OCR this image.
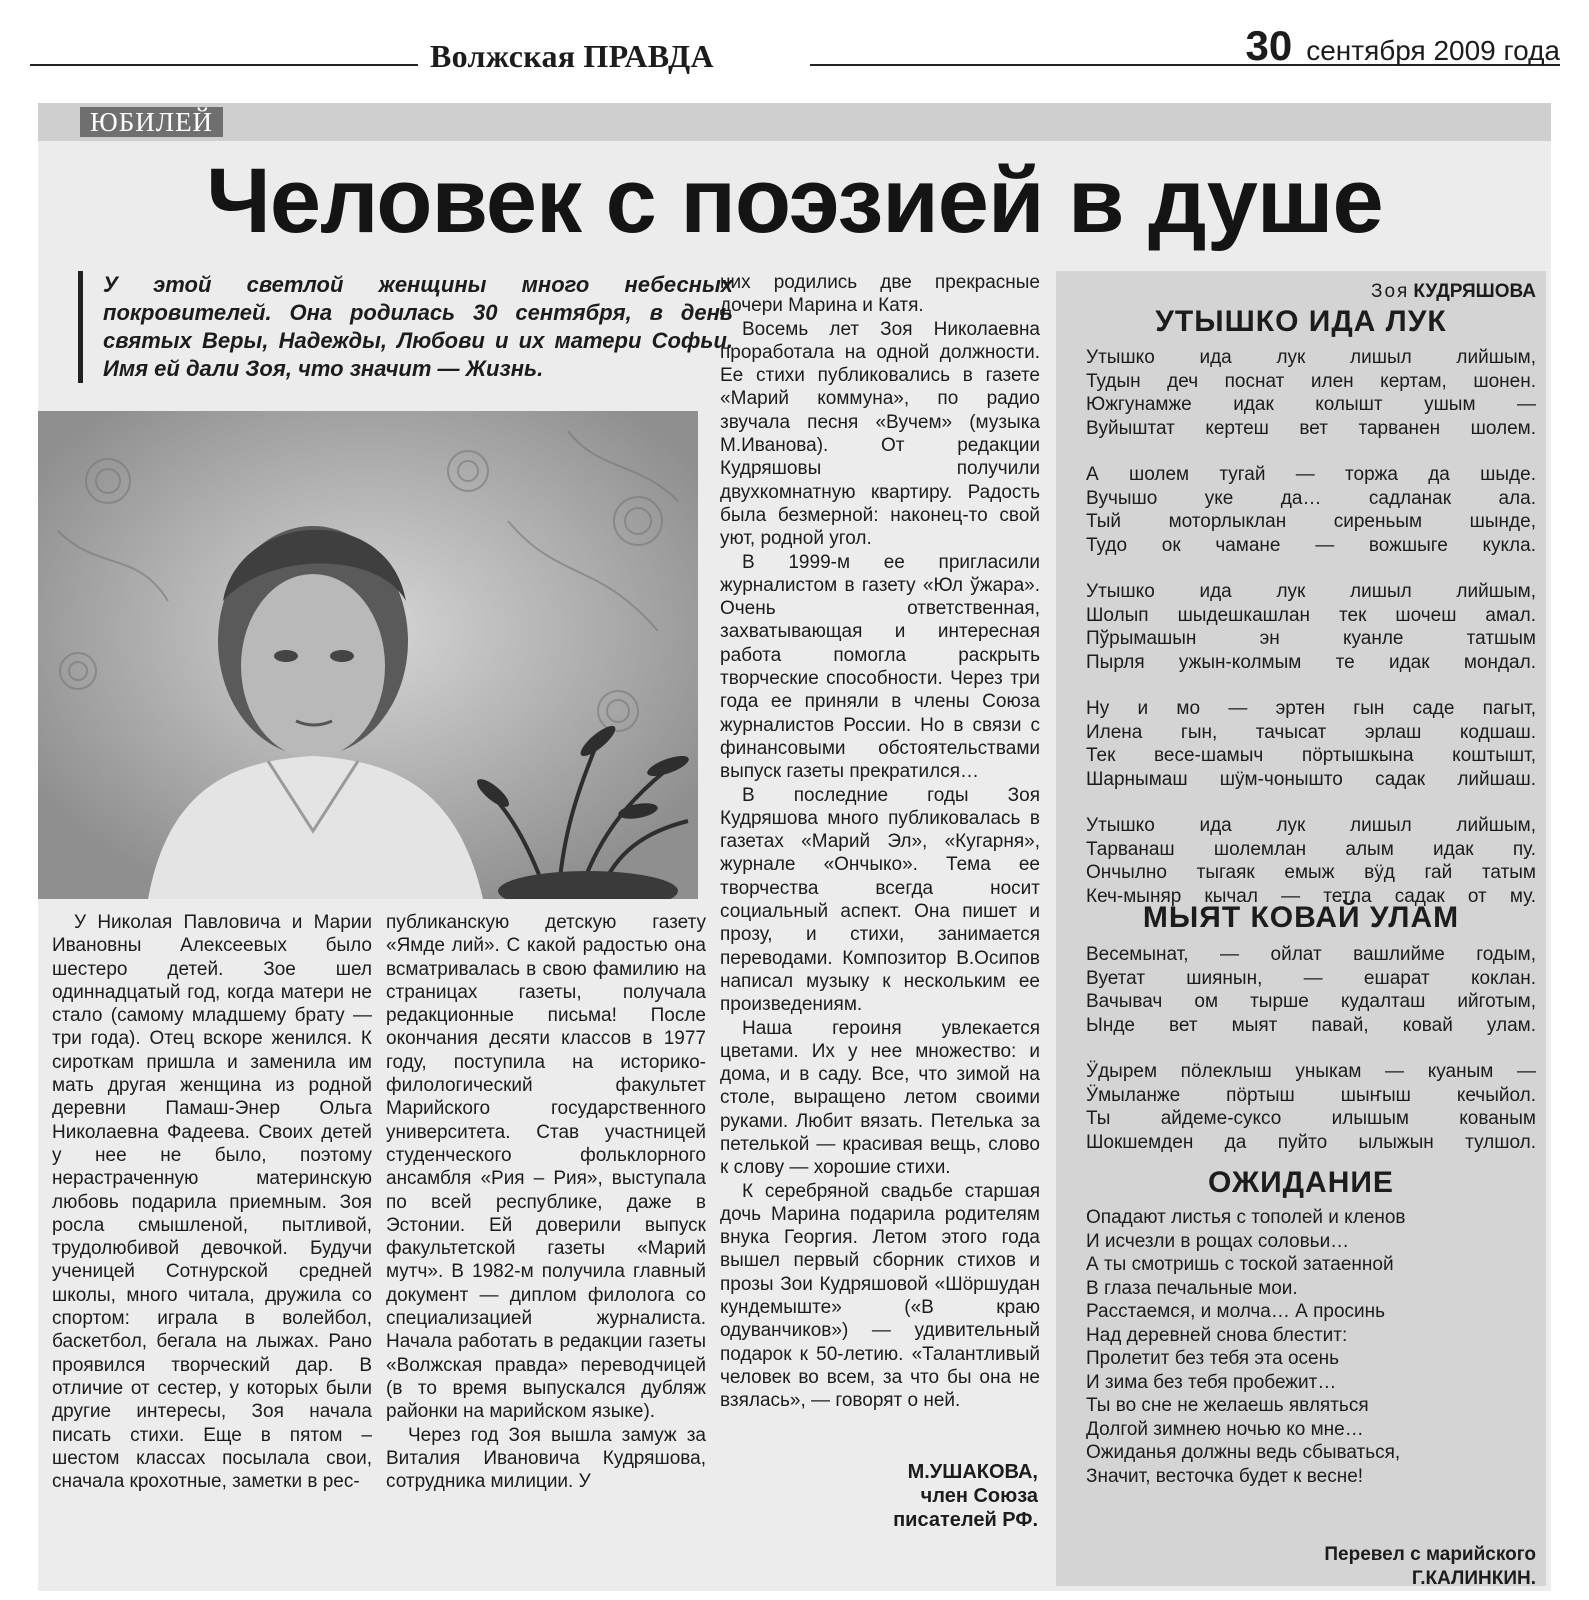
Волжская ПРАВДА	30 сентября 2009 года
ЮБИЛЕЙ
Человек с поэзией в душе
У этой светлой женщины много небесных покровителей. Она родилась 30 сентября, в день святых Веры, Надежды, Любови и их матери Софьи. Имя ей дали Зоя, что значит — Жизнь.

У Николая Павловича и Марии Ивановны Алексеевых было шестеро детей. Зое шел одиннадцатый год, когда матери не стало (самому младшему брату — три года). Отец вскоре женился. К сироткам пришла и заменила им мать другая женщина из родной деревни Памаш-Энер Ольга Николаевна Фадеева. Своих детей у нее не было, поэтому нерастраченную материнскую любовь подарила приемным. Зоя росла смышленой, пытливой, трудолюбивой девочкой. Будучи ученицей Сотнурской средней школы, много читала, дружила со спортом: играла в волейбол, баскетбол, бегала на лыжах. Рано проявился творческий дар. В отличие от сестер, у которых были другие интересы, Зоя начала писать стихи. Еще в пятом – шестом классах посылала свои, сначала крохотные, заметки в рес-

публиканскую детскую газету «Ямде лий». С какой радостью она всматривалась в свою фамилию на страницах газеты, получала редакционные письма! После окончания десяти классов в 1977 году, поступила на историко-филологический факультет Марийского государственного университета. Став участницей студенческого фольклорного ансамбля «Рия – Рия», выступала по всей республике, даже в Эстонии. Ей доверили выпуск факультетской газеты «Марий мутч». В 1982-м получила главный документ — диплом филолога со специализацией журналиста. Начала работать в редакции газеты «Волжская правда» переводчицей (в то время выпускался дубляж районки на марийском языке).

Через год Зоя вышла замуж за Виталия Ивановича Кудряшова, сотрудника милиции. У

них родились две прекрасные дочери Марина и Катя.

Восемь лет Зоя Николаевна проработала на одной должности. Ее стихи публиковались в газете «Марий коммуна», по радио звучала песня «Вучем» (музыка М.Иванова). От редакции Кудряшовы получили двухкомнатную квартиру. Радость была безмерной: наконец-то свой уют, родной угол.

В 1999-м ее пригласили журналистом в газету «Юл ўжара». Очень ответственная, захватывающая и интересная работа помогла раскрыть творческие способности. Через три года ее приняли в члены Союза журналистов России. Но в связи с финансовыми обстоятельствами выпуск газеты прекратился…

В последние годы Зоя Кудряшова много публиковалась в газетах «Марий Эл», «Кугарня», журнале «Ончыко». Тема ее творчества всегда носит социальный аспект. Она пишет и прозу, и стихи, занимается переводами. Композитор В.Осипов написал музыку к нескольким ее произведениям.

Наша героиня увлекается цветами. Их у нее множество: и дома, и в саду. Все, что зимой на столе, выращено летом своими руками. Любит вязать. Петелька за петелькой — красивая вещь, слово к слову — хорошие стихи.

К серебряной свадьбе старшая дочь Марина подарила родителям внука Георгия. Летом этого года вышел первый сборник стихов и прозы Зои Кудряшовой «Шӧршудан кундемыште» («В краю одуванчиков») — удивительный подарок к 50-летию. «Талантливый человек во всем, за что бы она не взялась», — говорят о ней.

М.УШАКОВА,
член Союза
писателей РФ.
Зоя КУДРЯШОВА
УТЫШКО ИДА ЛУК
Утышко ида лук лишыл лийшым,
Тудын деч поснат илен кертам, шонен.
Южгунамже идак колышт ушым —
Вуйыштат кертеш вет тарванен шолем.
А шолем тугай — торжа да шыде.
Вучышо уке да… садланак ала.
Тый моторлыклан сиреньым шынде,
Тудо ок чамане — вожшыге кукла.
Утышко ида лук лишыл лийшым,
Шолып шыдешкашлан тек шочеш амал.
Пўрымашын эн куанле татшым
Пырля ужын-колмым те идак мондал.
Ну и мо — эртен гын саде пагыт,
Илена гын, тачысат эрлаш кодшаш.
Тек весе-шамыч пӧртышкына коштышт,
Шарнымаш шӱм-чонышто садак лийшаш.
Утышко ида лук лишыл лийшым,
Тарванаш шолемлан алым идак пу.
Ончылно тыгаяк емыж вӱд гай татым
Кеч-мыняр кычал — тетла садак от му.
МЫЯТ КОВАЙ УЛАМ
Весемынат, — ойлат вашлийме годым,
Вуетат шиянын, — ешарат коклан.
Вачывач ом тырше кудалташ ийготым,
Ынде вет мыят павай, ковай улам.
Ӱдырем пӧлеклыш уныкам — куаным —
Ӱмыланже пӧртыш шыҥыш кечыйол.
Ты айдеме-суксо илышым кованым
Шокшемден да пуйто ылыжын тулшол.
ОЖИДАНИЕ
Опадают листья с тополей и кленов
И исчезли в рощах соловьи…
А ты смотришь с тоской затаенной
В глаза печальные мои.
Расстаемся, и молча… А просинь
Над деревней снова блестит:
Пролетит без тебя эта осень
И зима без тебя пробежит…
Ты во сне не желаешь являться
Долгой зимнею ночью ко мне…
Ожиданья должны ведь сбываться,
Значит, весточка будет к весне!
Перевел с марийского
Г.КАЛИНКИН.
